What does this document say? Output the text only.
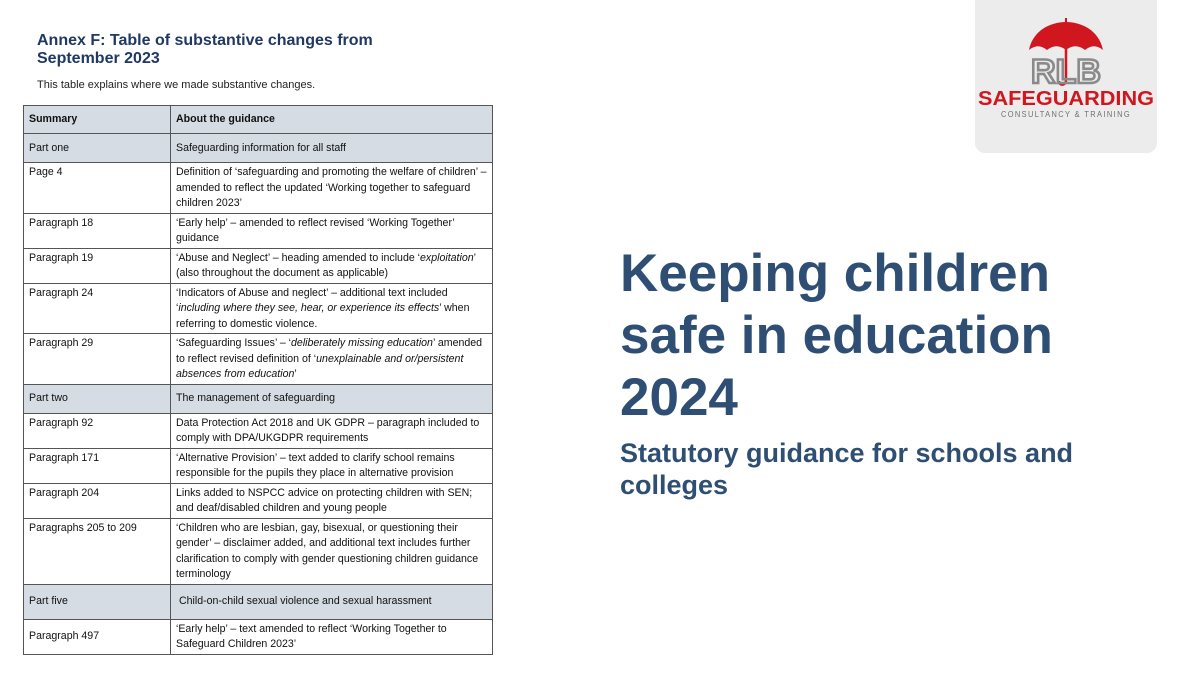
Annex F: Table of substantive changes from September 2023
This table explains where we made substantive changes.
Summary	About the guidance
Part one	Safeguarding information for all staff
Page 4	Definition of ‘safeguarding and promoting the welfare of children’ – amended to reflect the updated ‘Working together to safeguard children 2023’
Paragraph 18	‘Early help’ – amended to reflect revised ‘Working Together’ guidance
Paragraph 19	‘Abuse and Neglect’ – heading amended to include ‘exploitation’ (also throughout the document as applicable)
Paragraph 24	‘Indicators of Abuse and neglect’ – additional text included ‘including where they see, hear, or experience its effects’ when referring to domestic violence.
Paragraph 29	‘Safeguarding Issues’ – ‘deliberately missing education’ amended to reflect revised definition of ‘unexplainable and or/persistent absences from education’
Part two	The management of safeguarding
Paragraph 92	Data Protection Act 2018 and UK GDPR – paragraph included to comply with DPA/UKGDPR requirements
Paragraph 171	‘Alternative Provision’ – text added to clarify school remains responsible for the pupils they place in alternative provision
Paragraph 204	Links added to NSPCC advice on protecting children with SEN; and deaf/disabled children and young people
Paragraphs 205 to 209	‘Children who are lesbian, gay, bisexual, or questioning their gender’ – disclaimer added, and additional text includes further clarification to comply with gender questioning children guidance terminology
Part five	Child-on-child sexual violence and sexual harassment
Paragraph 497	‘Early help’ – text amended to reflect ‘Working Together to Safeguard Children 2023’
RLB
SAFEGUARDING
CONSULTANCY & TRAINING
Keeping children safe in education 2024
Statutory guidance for schools and colleges
